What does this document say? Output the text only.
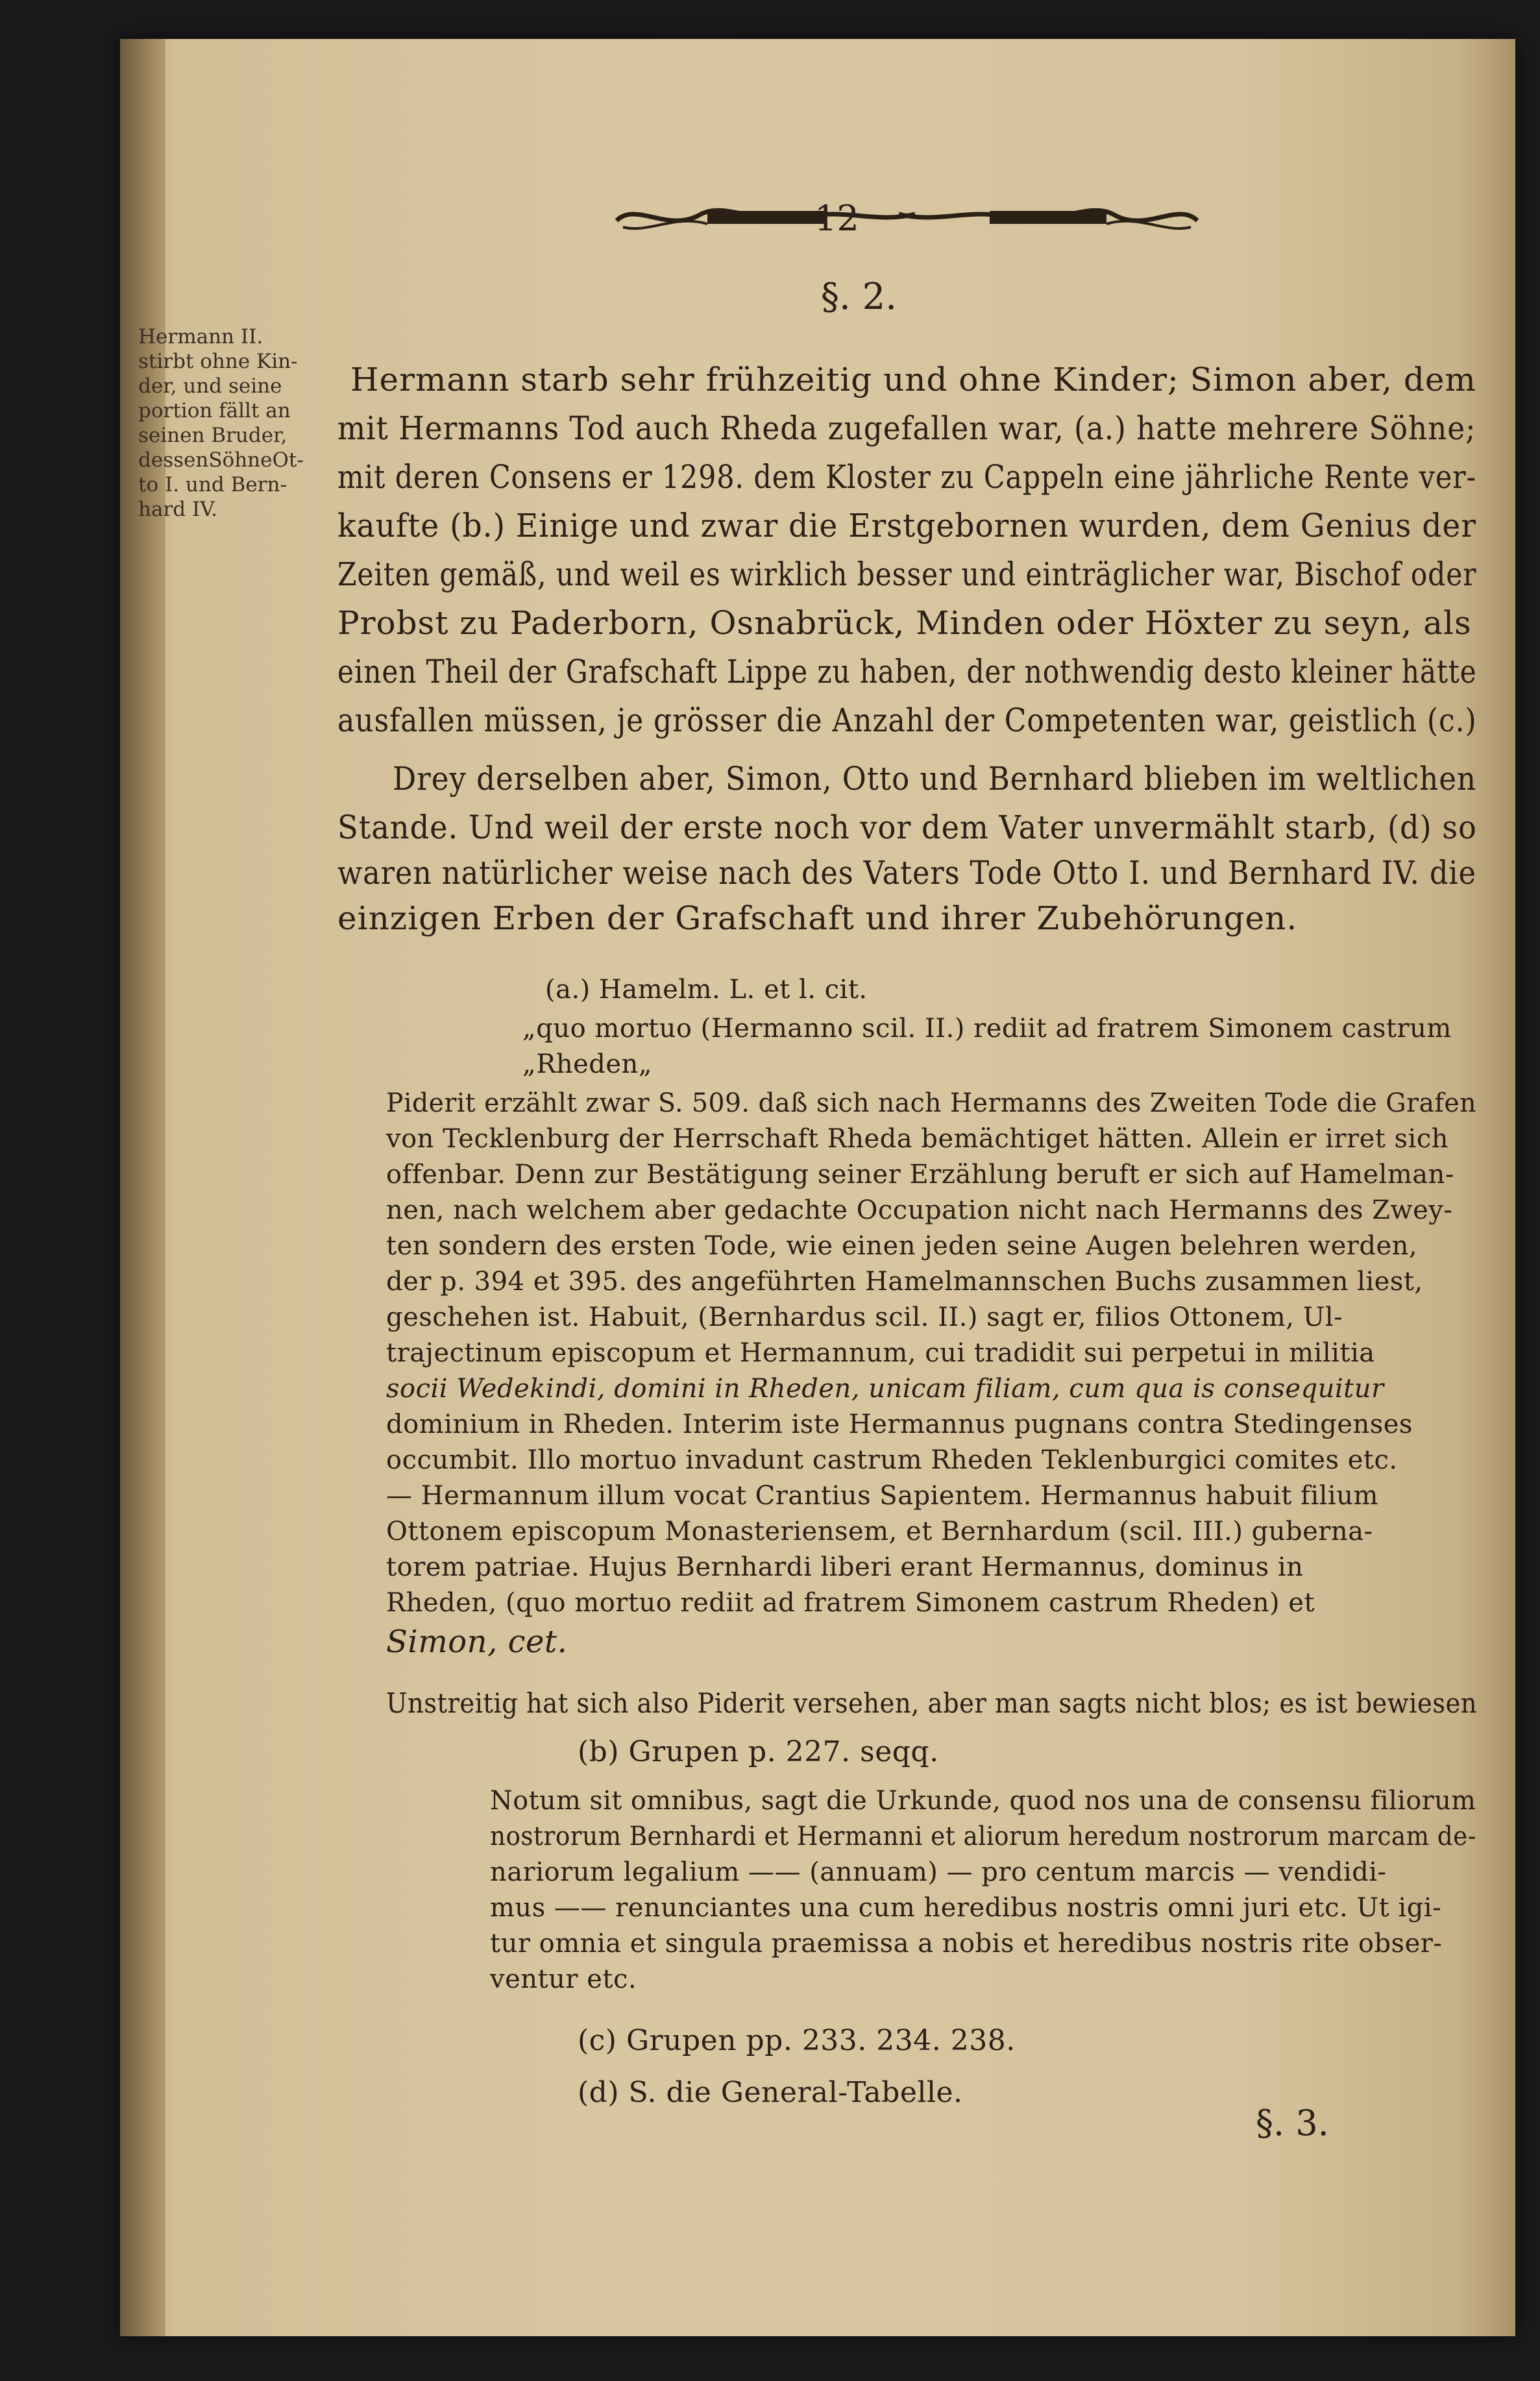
12
§. 2.
Hermann II.
stirbt ohne Kin-
der, und seine
portion fällt an
seinen Bruder,
dessenSöhneOt-
to I. und Bern-
hard IV.
Hermann starb sehr frühzeitig und ohne Kinder; Simon aber, dem
mit Hermanns Tod auch Rheda zugefallen war, (a.) hatte mehrere Söhne;
mit deren Consens er 1298. dem Kloster zu Cappeln eine jährliche Rente ver-
kaufte (b.) Einige und zwar die Erstgebornen wurden, dem Genius der
Zeiten gemäß, und weil es wirklich besser und einträglicher war, Bischof oder
Probst zu Paderborn, Osnabrück, Minden oder Höxter zu seyn, als
einen Theil der Grafschaft Lippe zu haben, der nothwendig desto kleiner hätte
ausfallen müssen, je grösser die Anzahl der Competenten war, geistlich (c.)
Drey derselben aber, Simon, Otto und Bernhard blieben im weltlichen
Stande. Und weil der erste noch vor dem Vater unvermählt starb, (d) so
waren natürlicher weise nach des Vaters Tode Otto I. und Bernhard IV. die
einzigen Erben der Grafschaft und ihrer Zubehörungen.
(a.) Hamelm. L. et l. cit.
„quo mortuo (Hermanno scil. II.) rediit ad fratrem Simonem castrum
„Rheden„
Piderit erzählt zwar S. 509. daß sich nach Hermanns des Zweiten Tode die Grafen
von Tecklenburg der Herrschaft Rheda bemächtiget hätten. Allein er irret sich
offenbar. Denn zur Bestätigung seiner Erzählung beruft er sich auf Hamelman-
nen, nach welchem aber gedachte Occupation nicht nach Hermanns des Zwey-
ten sondern des ersten Tode, wie einen jeden seine Augen belehren werden,
der p. 394 et 395. des angeführten Hamelmannschen Buchs zusammen liest,
geschehen ist. Habuit, (Bernhardus scil. II.) sagt er, filios Ottonem, Ul-
trajectinum episcopum et Hermannum, cui tradidit sui perpetui in militia
socii Wedekindi, domini in Rheden, unicam filiam, cum qua is consequitur
dominium in Rheden. Interim iste Hermannus pugnans contra Stedingenses
occumbit. Illo mortuo invadunt castrum Rheden Teklenburgici comites etc.
— Hermannum illum vocat Crantius Sapientem. Hermannus habuit filium
Ottonem episcopum Monasteriensem, et Bernhardum (scil. III.) guberna-
torem patriae. Hujus Bernhardi liberi erant Hermannus, dominus in
Rheden, (quo mortuo rediit ad fratrem Simonem castrum Rheden) et
Simon, cet.
Unstreitig hat sich also Piderit versehen, aber man sagts nicht blos; es ist bewiesen
(b) Grupen p. 227. seqq.
Notum sit omnibus, sagt die Urkunde, quod nos una de consensu filiorum
nostrorum Bernhardi et Hermanni et aliorum heredum nostrorum marcam de-
nariorum legalium —— (annuam) — pro centum marcis — vendidi-
mus —— renunciantes una cum heredibus nostris omni juri etc. Ut igi-
tur omnia et singula praemissa a nobis et heredibus nostris rite obser-
ventur etc.
(c) Grupen pp. 233. 234. 238.
(d) S. die General-Tabelle.
§. 3.
